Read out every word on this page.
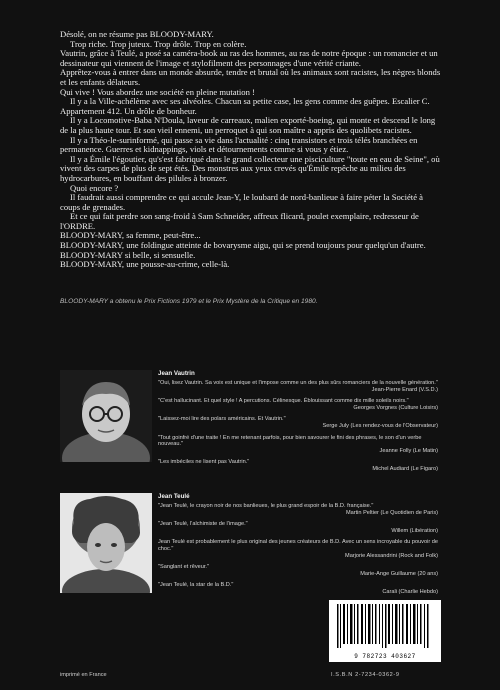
Désolé, on ne résume pas BLOODY-MARY.

Trop riche. Trop juteux. Trop drôle. Trop en colère.

Vautrin, grâce à Teulé, a posé sa caméra-book au ras des hommes, au ras de notre époque : un romancier et un dessinateur qui viennent de l'image et stylofilment des personnages d'une vérité criante.

Apprêtez-vous à entrer dans un monde absurde, tendre et brutal où les animaux sont racistes, les nègres blonds et les enfants délateurs.

Qui vive ! Vous abordez une société en pleine mutation !

Il y a la Ville-achélème avec ses alvéoles. Chacun sa petite case, les gens comme des guêpes. Escalier C. Appartement 412. Un drôle de bonheur.

Il y a Locomotive-Baba N'Doula, laveur de carreaux, malien exporté-boeing, qui monte et descend le long de la plus haute tour. Et son vieil ennemi, un perroquet à qui son maître a appris des quolibets racistes.

Il y a Théo-le-surinformé, qui passe sa vie dans l'actualité : cinq transistors et trois télés branchées en permanence. Guerres et kidnappings, viols et détournements comme si vous y étiez.

Il y a Émile l'égoutier, qu's'est fabriqué dans le grand collecteur une pisciculture "toute en eau de Seine", où vivent des carpes de plus de sept étés. Des monstres aux yeux crevés qu'Émile repêche au milieu des hydrocarbures, en bouffant des pilules à bronzer.

Quoi encore ?

Il faudrait aussi comprendre ce qui accule Jean-Y, le loubard de nord-banlieue à faire péter la Société à coups de grenades.

Et ce qui fait perdre son sang-froid à Sam Schneider, affreux flicard, poulet exemplaire, redresseur de l'ORDRE.

BLOODY-MARY, sa femme, peut-être...

BLOODY-MARY, une foldingue atteinte de bovarysme aigu, qui se prend toujours pour quelqu'un d'autre.

BLOODY-MARY si belle, si sensuelle.

BLOODY-MARY, une pousse-au-crime, celle-là.

BLOODY-MARY a obtenu le Prix Fictions 1979 et le Prix Mystère de la Critique en 1980.
Jean Vautrin
"Oui, lisez Vautrin. Sa voix est unique et l'impose comme un des plus sûrs romanciers de la nouvelle génération."
Jean-Pierre Enard (V.S.D.)
"C'est hallucinant. Et quel style ! A percutions. Célinesque. Éblouissant comme dix mille soleils noirs."
Georges Vorgnes (Culture Loisirs)
"Laissez-moi lire des polars américains. Et Vautrin."
Serge July (Les rendez-vous de l'Observateur)
"Tout goinfré d'une traite ! En me retenant parfois, pour bien savourer le fini des phrases, le son d'un verbe nouveau."
Jeanne Folly (Le Matin)
"Les imbéciles ne lisent pas Vautrin."
Michel Audiard (Le Figaro)
Jean Teulé
"Jean Teulé, le crayon noir de nos banlieues, le plus grand espoir de la B.D. française."
Martin Peltier (Le Quotidien de Paris)
"Jean Teulé, l'alchimiste de l'image."
Willem (Libération)
Jean Teulé est probablement le plus original des jeunes créateurs de B.D. Avec un sens incroyable du pouvoir de choc."
Marjorie Alessandrini (Rock and Folk)
"Sanglant et rêveur."
Marie-Ange Guillaume (20 ans)
"Jean Teulé, la star de la B.D."
Carali (Charlie Hebdo)
9 782723 403627
imprimé en France	I.S.B.N 2-7234-0362-9
